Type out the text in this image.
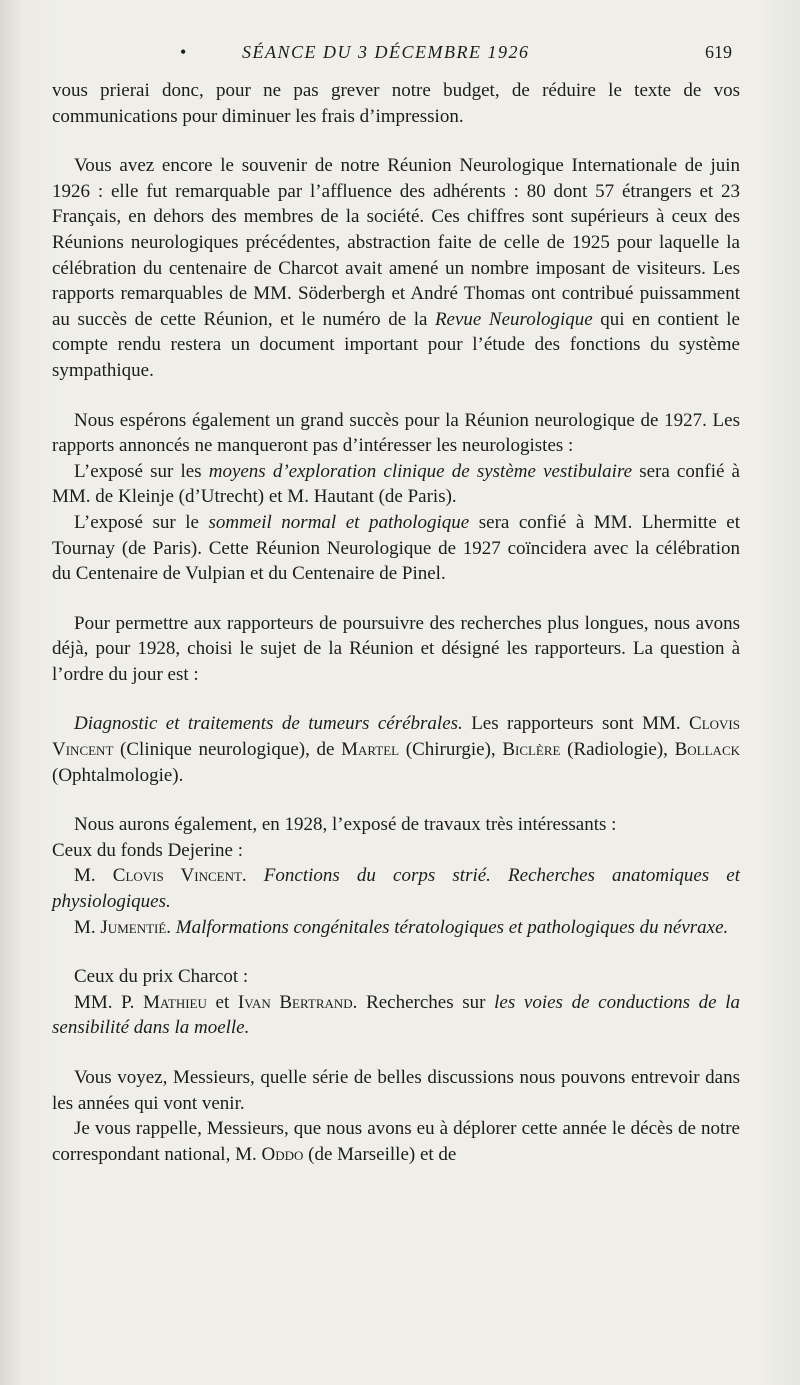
•	SÉANCE DU 3 DÉCEMBRE 1926	619

vous prierai donc, pour ne pas grever notre budget, de réduire le texte de vos communications pour diminuer les frais d’impression.

Vous avez encore le souvenir de notre Réunion Neurologique Internationale de juin 1926 : elle fut remarquable par l’affluence des adhérents : 80 dont 57 étrangers et 23 Français, en dehors des membres de la société. Ces chiffres sont supérieurs à ceux des Réunions neurologiques précédentes, abstraction faite de celle de 1925 pour laquelle la célébration du centenaire de Charcot avait amené un nombre imposant de visiteurs. Les rapports remarquables de MM. Söderbergh et André Thomas ont contribué puissamment au succès de cette Réunion, et le numéro de la Revue Neurologique qui en contient le compte rendu restera un document important pour l’étude des fonctions du système sympathique.

Nous espérons également un grand succès pour la Réunion neurologique de 1927. Les rapports annoncés ne manqueront pas d’intéresser les neurologistes :

L’exposé sur les moyens d’exploration clinique de système vestibulaire sera confié à MM. de Kleinje (d’Utrecht) et M. Hautant (de Paris).

L’exposé sur le sommeil normal et pathologique sera confié à MM. Lhermitte et Tournay (de Paris). Cette Réunion Neurologique de 1927 coïncidera avec la célébration du Centenaire de Vulpian et du Centenaire de Pinel.

Pour permettre aux rapporteurs de poursuivre des recherches plus longues, nous avons déjà, pour 1928, choisi le sujet de la Réunion et désigné les rapporteurs. La question à l’ordre du jour est :

Diagnostic et traitements de tumeurs cérébrales. Les rapporteurs sont MM. Clovis Vincent (Clinique neurologique), de Martel (Chirurgie), Biclère (Radiologie), Bollack (Ophtalmologie).

Nous aurons également, en 1928, l’exposé de travaux très intéressants :

Ceux du fonds Dejerine :

M. Clovis Vincent. Fonctions du corps strié. Recherches anatomiques et physiologiques.

M. Jumentié. Malformations congénitales tératologiques et pathologiques du névraxe.

Ceux du prix Charcot :

MM. P. Mathieu et Ivan Bertrand. Recherches sur les voies de conductions de la sensibilité dans la moelle.

Vous voyez, Messieurs, quelle série de belles discussions nous pouvons entrevoir dans les années qui vont venir.

Je vous rappelle, Messieurs, que nous avons eu à déplorer cette année le décès de notre correspondant national, M. Oddo (de Marseille) et de
